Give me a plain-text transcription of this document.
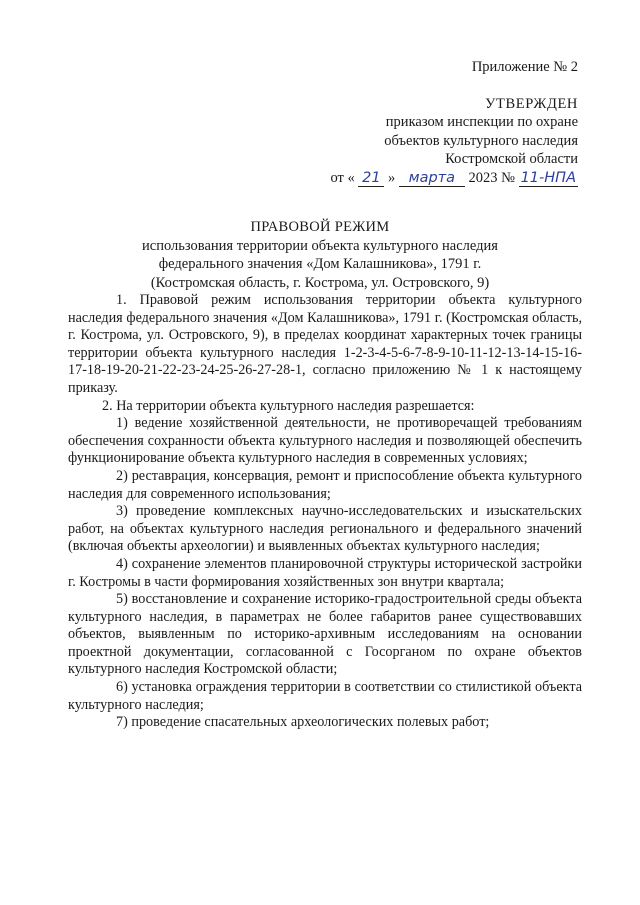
Приложение № 2
УТВЕРЖДЕН
приказом инспекции по охране
объектов культурного наследия
Костромской области
от « 21 » марта 2023 № 11-НПА
ПРАВОВОЙ РЕЖИМ
использования территории объекта культурного наследия
федерального значения «Дом Калашникова», 1791 г.
(Костромская область, г. Кострома, ул. Островского, 9)

1. Правовой режим использования территории объекта культурного наследия федерального значения «Дом Калашникова», 1791 г. (Костромская область, г. Кострома, ул. Островского, 9), в пределах координат характерных точек границы территории объекта культурного наследия 1-2-3-4-5-6-7-8-9-10-11-12-13-14-15-16-17-18-19-20-21-22-23-24-25-26-27-28-1, согласно приложению № 1 к настоящему приказу.

2. На территории объекта культурного наследия разрешается:

1) ведение хозяйственной деятельности, не противоречащей требованиям обеспечения сохранности объекта культурного наследия и позволяющей обеспечить функционирование объекта культурного наследия в современных условиях;

2) реставрация, консервация, ремонт и приспособление объекта культурного наследия для современного использования;

3) проведение комплексных научно-исследовательских и изыскательских работ, на объектах культурного наследия регионального и федерального значений (включая объекты археологии) и выявленных объектах культурного наследия;

4) сохранение элементов планировочной структуры исторической застройки г. Костромы в части формирования хозяйственных зон внутри квартала;

5) восстановление и сохранение историко-градостроительной среды объекта культурного наследия, в параметрах не более габаритов ранее существовавших объектов, выявленным по историко-архивным исследованиям на основании проектной документации, согласованной с Госорганом по охране объектов культурного наследия Костромской области;

6) установка ограждения территории в соответствии со стилистикой объекта культурного наследия;

7) проведение спасательных археологических полевых работ;
